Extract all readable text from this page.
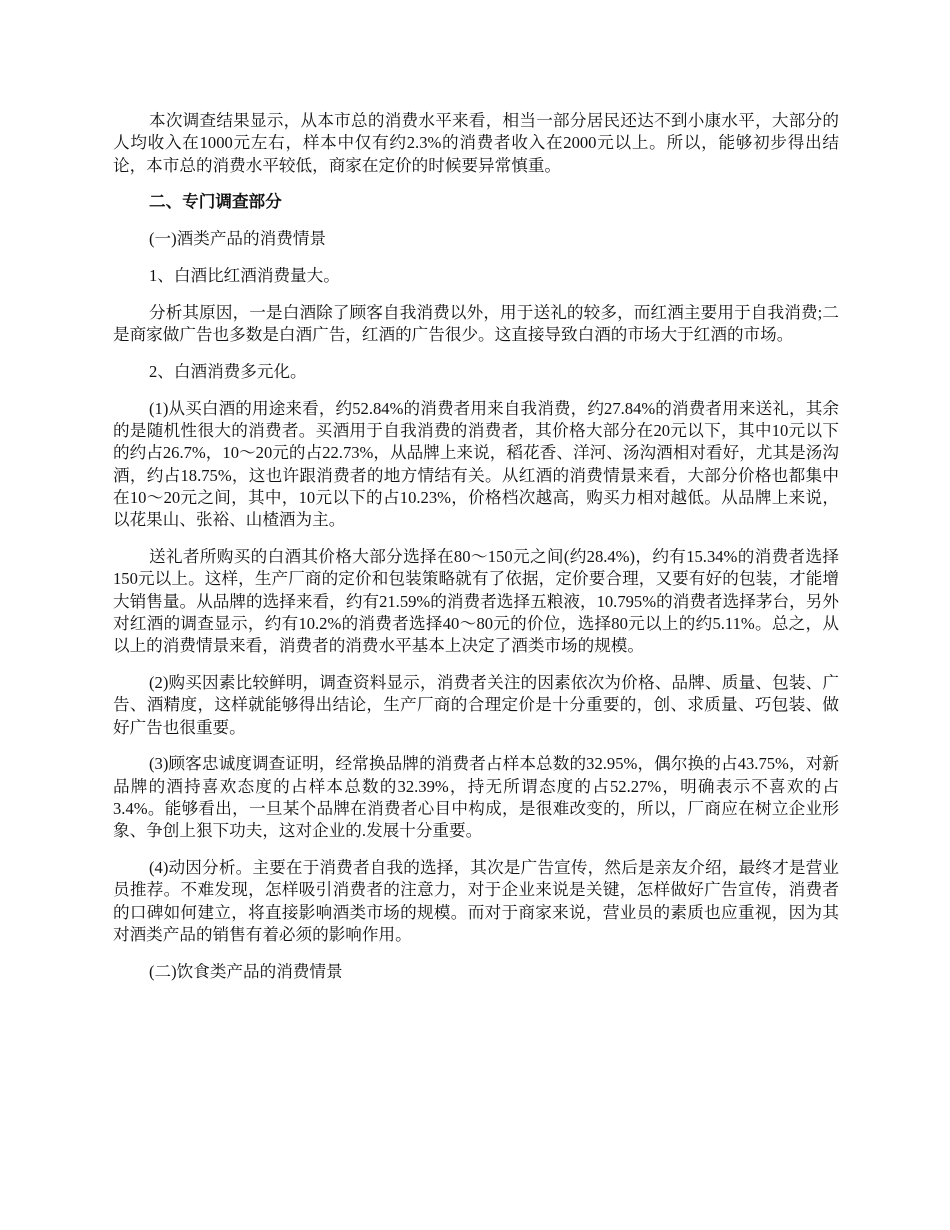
本次调查结果显示，从本市总的消费水平来看，相当一部分居民还达不到小康水平，大部分的人均收入在1000元左右，样本中仅有约2.3%的消费者收入在2000元以上。所以，能够初步得出结论，本市总的消费水平较低，商家在定价的时候要异常慎重。

二、专门调查部分

(一)酒类产品的消费情景

1、白酒比红酒消费量大。

分析其原因，一是白酒除了顾客自我消费以外，用于送礼的较多，而红酒主要用于自我消费;二是商家做广告也多数是白酒广告，红酒的广告很少。这直接导致白酒的市场大于红酒的市场。

2、白酒消费多元化。

(1)从买白酒的用途来看，约52.84%的消费者用来自我消费，约27.84%的消费者用来送礼，其余的是随机性很大的消费者。买酒用于自我消费的消费者，其价格大部分在20元以下，其中10元以下的约占26.7%，10～20元的占22.73%，从品牌上来说，稻花香、洋河、汤沟酒相对看好，尤其是汤沟酒，约占18.75%，这也许跟消费者的地方情结有关。从红酒的消费情景来看，大部分价格也都集中在10～20元之间，其中，10元以下的占10.23%，价格档次越高，购买力相对越低。从品牌上来说，以花果山、张裕、山楂酒为主。

送礼者所购买的白酒其价格大部分选择在80～150元之间(约28.4%)，约有15.34%的消费者选择150元以上。这样，生产厂商的定价和包装策略就有了依据，定价要合理，又要有好的包装，才能增大销售量。从品牌的选择来看，约有21.59%的消费者选择五粮液，10.795%的消费者选择茅台，另外对红酒的调查显示，约有10.2%的消费者选择40～80元的价位，选择80元以上的约5.11%。总之，从以上的消费情景来看，消费者的消费水平基本上决定了酒类市场的规模。

(2)购买因素比较鲜明，调查资料显示，消费者关注的因素依次为价格、品牌、质量、包装、广告、酒精度，这样就能够得出结论，生产厂商的合理定价是十分重要的，创、求质量、巧包装、做好广告也很重要。

(3)顾客忠诚度调查证明，经常换品牌的消费者占样本总数的32.95%，偶尔换的占43.75%，对新品牌的酒持喜欢态度的占样本总数的32.39%，持无所谓态度的占52.27%，明确表示不喜欢的占3.4%。能够看出，一旦某个品牌在消费者心目中构成，是很难改变的，所以，厂商应在树立企业形象、争创上狠下功夫，这对企业的.发展十分重要。

(4)动因分析。主要在于消费者自我的选择，其次是广告宣传，然后是亲友介绍，最终才是营业员推荐。不难发现，怎样吸引消费者的注意力，对于企业来说是关键，怎样做好广告宣传，消费者的口碑如何建立，将直接影响酒类市场的规模。而对于商家来说，营业员的素质也应重视，因为其对酒类产品的销售有着必须的影响作用。

(二)饮食类产品的消费情景
